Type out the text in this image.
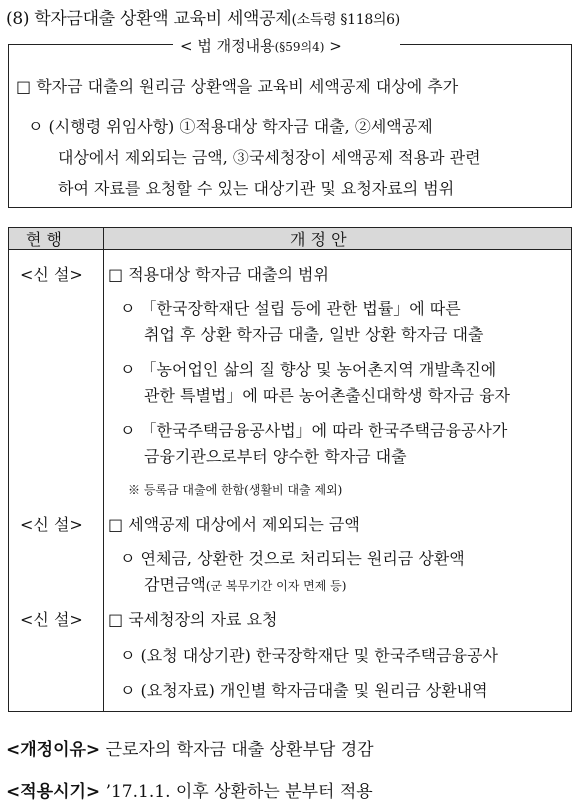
(8) 학자금대출 상환액 교육비 세액공제(소득령 §118의6)
< 법 개정내용(§59의4) >
□ 학자금 대출의 원리금 상환액을 교육비 세액공제 대상에 추가
ㅇ (시행령 위임사항) ①적용대상 학자금 대출, ②세액공제
대상에서 제외되는 금액, ③국세청장이 세액공제 적용과 관련
하여 자료를 요청할 수 있는 대상기관 및 요청자료의 범위
현 행	개 정 안
<신 설> □ 적용대상 학자금 대출의 범위
ㅇ 「한국장학재단 설립 등에 관한 법률」에 따른
취업 후 상환 학자금 대출, 일반 상환 학자금 대출
ㅇ 「농어업인 삶의 질 향상 및 농어촌지역 개발촉진에
관한 특별법」에 따른 농어촌출신대학생 학자금 융자
ㅇ 「한국주택금융공사법」에 따라 한국주택금융공사가
금융기관으로부터 양수한 학자금 대출
※ 등록금 대출에 한함(생활비 대출 제외)
<신 설> □ 세액공제 대상에서 제외되는 금액
ㅇ 연체금, 상환한 것으로 처리되는 원리금 상환액
감면금액(군 복무기간 이자 면제 등)
<신 설> □ 국세청장의 자료 요청
ㅇ (요청 대상기관) 한국장학재단 및 한국주택금융공사
ㅇ (요청자료) 개인별 학자금대출 및 원리금 상환내역
<개정이유> 근로자의 학자금 대출 상환부담 경감
<적용시기> ’17.1.1. 이후 상환하는 분부터 적용
